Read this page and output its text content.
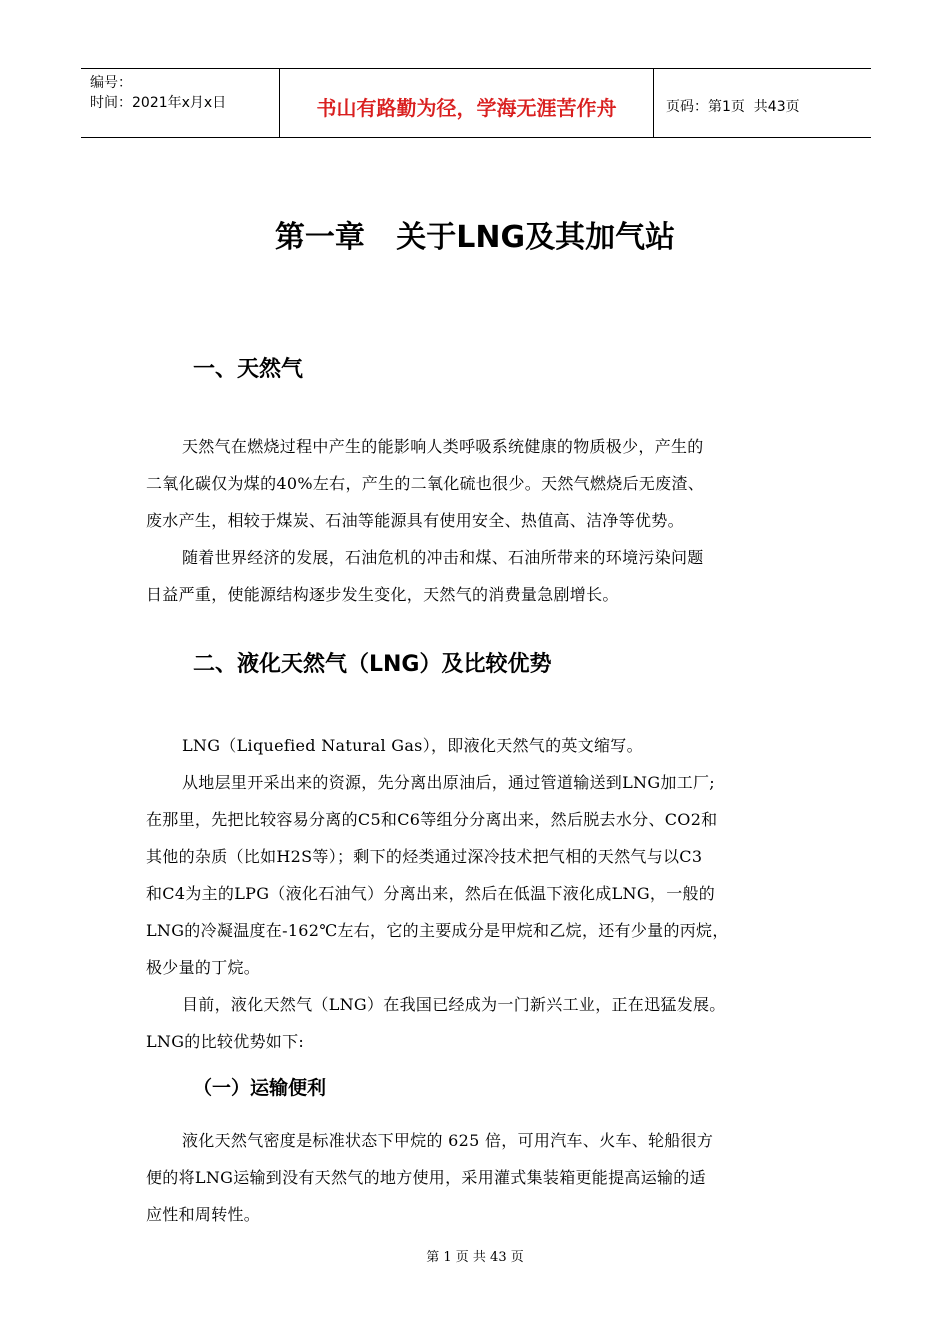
编号：
时间：2021年x月x日	书山有路勤为径，学海无涯苦作舟	页码：第1页  共43页
第一章   关于LNG及其加气站
一、天然气
天然气在燃烧过程中产生的能影响人类呼吸系统健康的物质极少，产生的
二氧化碳仅为煤的40%左右，产生的二氧化硫也很少。天然气燃烧后无废渣、
废水产生，相较于煤炭、石油等能源具有使用安全、热值高、洁净等优势。
随着世界经济的发展，石油危机的冲击和煤、石油所带来的环境污染问题
日益严重，使能源结构逐步发生变化，天然气的消费量急剧增长。
二、液化天然气（LNG）及比较优势
LNG（Liquefied Natural Gas），即液化天然气的英文缩写。
从地层里开采出来的资源，先分离出原油后，通过管道输送到LNG加工厂;
在那里，先把比较容易分离的C5和C6等组分分离出来，然后脱去水分、CO2和
其他的杂质（比如H2S等）；剩下的烃类通过深冷技术把气相的天然气与以C3
和C4为主的LPG（液化石油气）分离出来，然后在低温下液化成LNG，一般的
LNG的冷凝温度在-162℃左右，它的主要成分是甲烷和乙烷，还有少量的丙烷，
极少量的丁烷。
目前，液化天然气（LNG）在我国已经成为一门新兴工业，正在迅猛发展。
LNG的比较优势如下:
（一）运输便利
液化天然气密度是标准状态下甲烷的 625 倍，可用汽车、火车、轮船很方
便的将LNG运输到没有天然气的地方使用，采用灌式集装箱更能提高运输的适
应性和周转性。
第 1 页 共 43 页
